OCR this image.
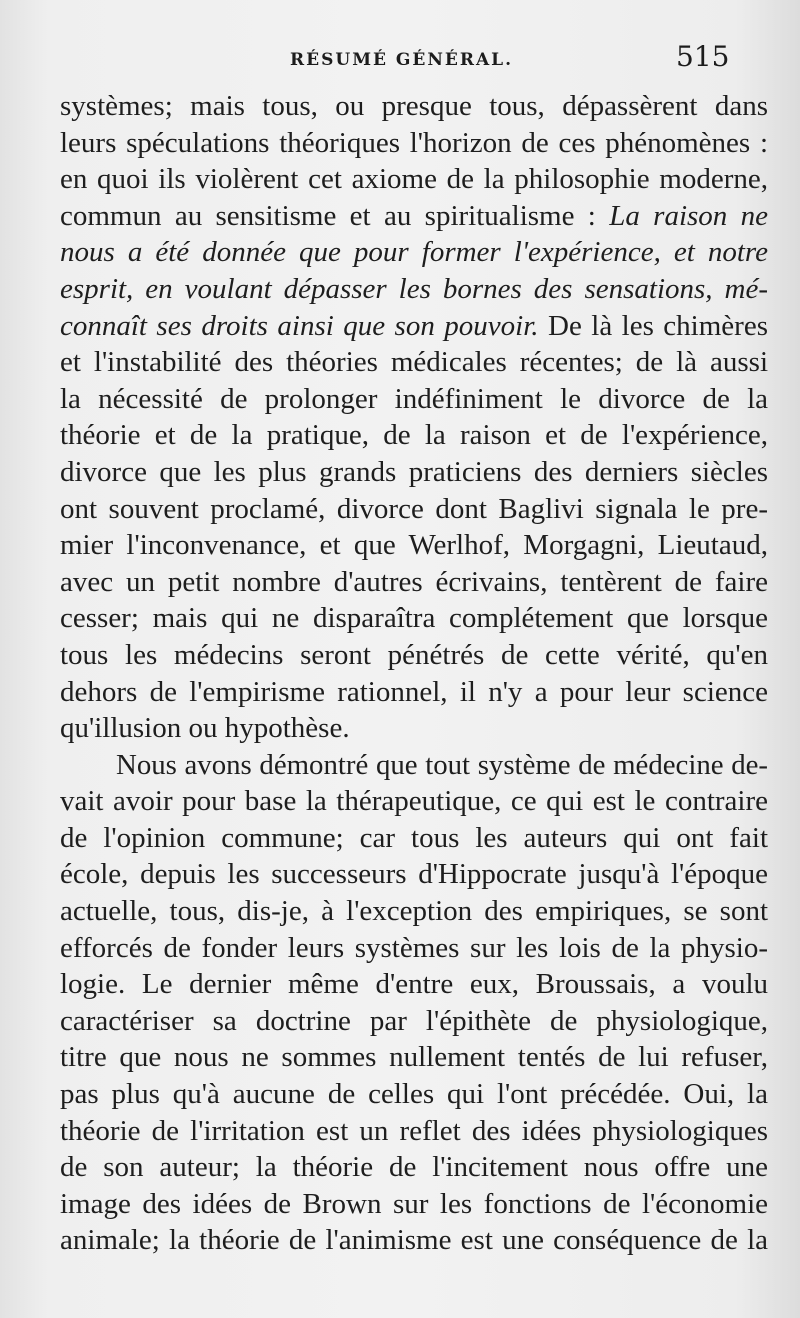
RÉSUMÉ GÉNÉRAL.	515
systèmes; mais tous, ou presque tous, dépassèrent dans
leurs spéculations théoriques l'horizon de ces phénomènes :
en quoi ils violèrent cet axiome de la philosophie moderne,
commun au sensitisme et au spiritualisme : La raison ne
nous a été donnée que pour former l'expérience, et notre
esprit, en voulant dépasser les bornes des sensations, mé-
connaît ses droits ainsi que son pouvoir. De là les chimères
et l'instabilité des théories médicales récentes; de là aussi
la nécessité de prolonger indéfiniment le divorce de la
théorie et de la pratique, de la raison et de l'expérience,
divorce que les plus grands praticiens des derniers siècles
ont souvent proclamé, divorce dont Baglivi signala le pre-
mier l'inconvenance, et que Werlhof, Morgagni, Lieutaud,
avec un petit nombre d'autres écrivains, tentèrent de faire
cesser; mais qui ne disparaîtra complétement que lorsque
tous les médecins seront pénétrés de cette vérité, qu'en
dehors de l'empirisme rationnel, il n'y a pour leur science
qu'illusion ou hypothèse.
Nous avons démontré que tout système de médecine de-
vait avoir pour base la thérapeutique, ce qui est le contraire
de l'opinion commune; car tous les auteurs qui ont fait
école, depuis les successeurs d'Hippocrate jusqu'à l'époque
actuelle, tous, dis-je, à l'exception des empiriques, se sont
efforcés de fonder leurs systèmes sur les lois de la physio-
logie. Le dernier même d'entre eux, Broussais, a voulu
caractériser sa doctrine par l'épithète de physiologique,
titre que nous ne sommes nullement tentés de lui refuser,
pas plus qu'à aucune de celles qui l'ont précédée. Oui, la
théorie de l'irritation est un reflet des idées physiologiques
de son auteur; la théorie de l'incitement nous offre une
image des idées de Brown sur les fonctions de l'économie
animale; la théorie de l'animisme est une conséquence de la
